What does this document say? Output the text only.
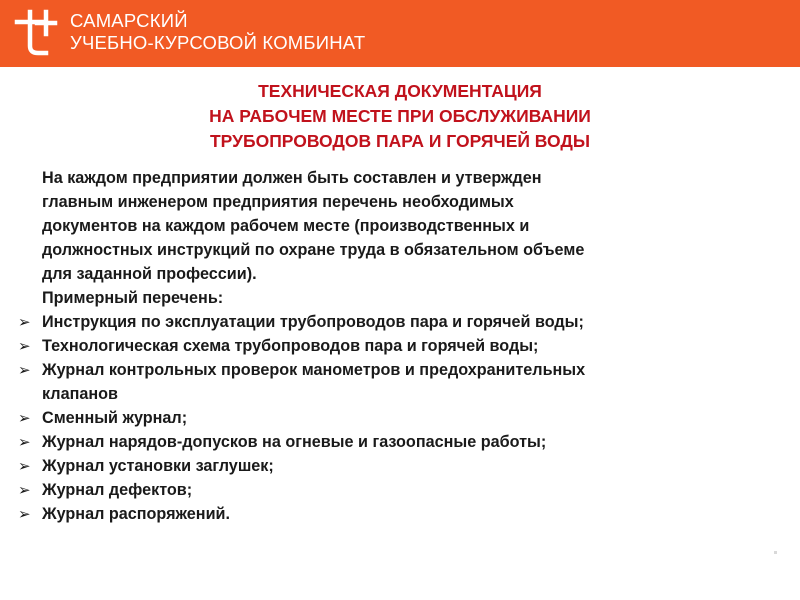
САМАРСКИЙ
УЧЕБНО-КУРСОВОЙ КОМБИНАТ
ТЕХНИЧЕСКАЯ ДОКУМЕНТАЦИЯ
НА РАБОЧЕМ МЕСТЕ ПРИ ОБСЛУЖИВАНИИ
ТРУБОПРОВОДОВ ПАРА И ГОРЯЧЕЙ ВОДЫ
На каждом предприятии должен быть составлен и утвержден
главным инженером предприятия перечень необходимых
документов на каждом рабочем месте (производственных и
должностных инструкций по охране труда в обязательном объеме
для заданной профессии).
Примерный перечень:
➢ Инструкция по эксплуатации трубопроводов пара и горячей воды;
➢ Технологическая схема трубопроводов пара и горячей воды;
➢ Журнал контрольных проверок манометров и предохранительных
клапанов
➢ Сменный журнал;
➢ Журнал нарядов-допусков на огневые и газоопасные работы;
➢ Журнал установки заглушек;
➢ Журнал дефектов;
➢ Журнал распоряжений.
